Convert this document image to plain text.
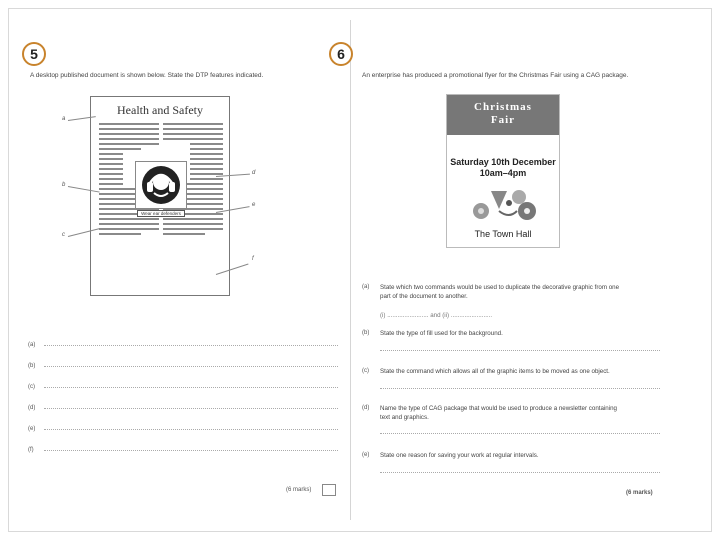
5	6
A desktop published document is shown below. State the DTP features indicated.
Health and Safety
Wear ear defenders
a
b
c
d
e
f
(a)
(b)
(c)
(d)
(e)
(f)
(6 marks)
An enterprise has produced a promotional flyer for the Christmas Fair using a CAG package.
Christmas
Fair
Saturday 10th December
10am–4pm
The Town Hall
(a) State which two commands would be used to duplicate the decorative graphic from one
part of the document to another.
(i) ........................ and (ii) ........................
(b) State the type of fill used for the background.
(c) State the command which allows all of the graphic items to be moved as one object.
(d) Name the type of CAG package that would be used to produce a newsletter containing
text and graphics.
(e) State one reason for saving your work at regular intervals.
(6 marks)
